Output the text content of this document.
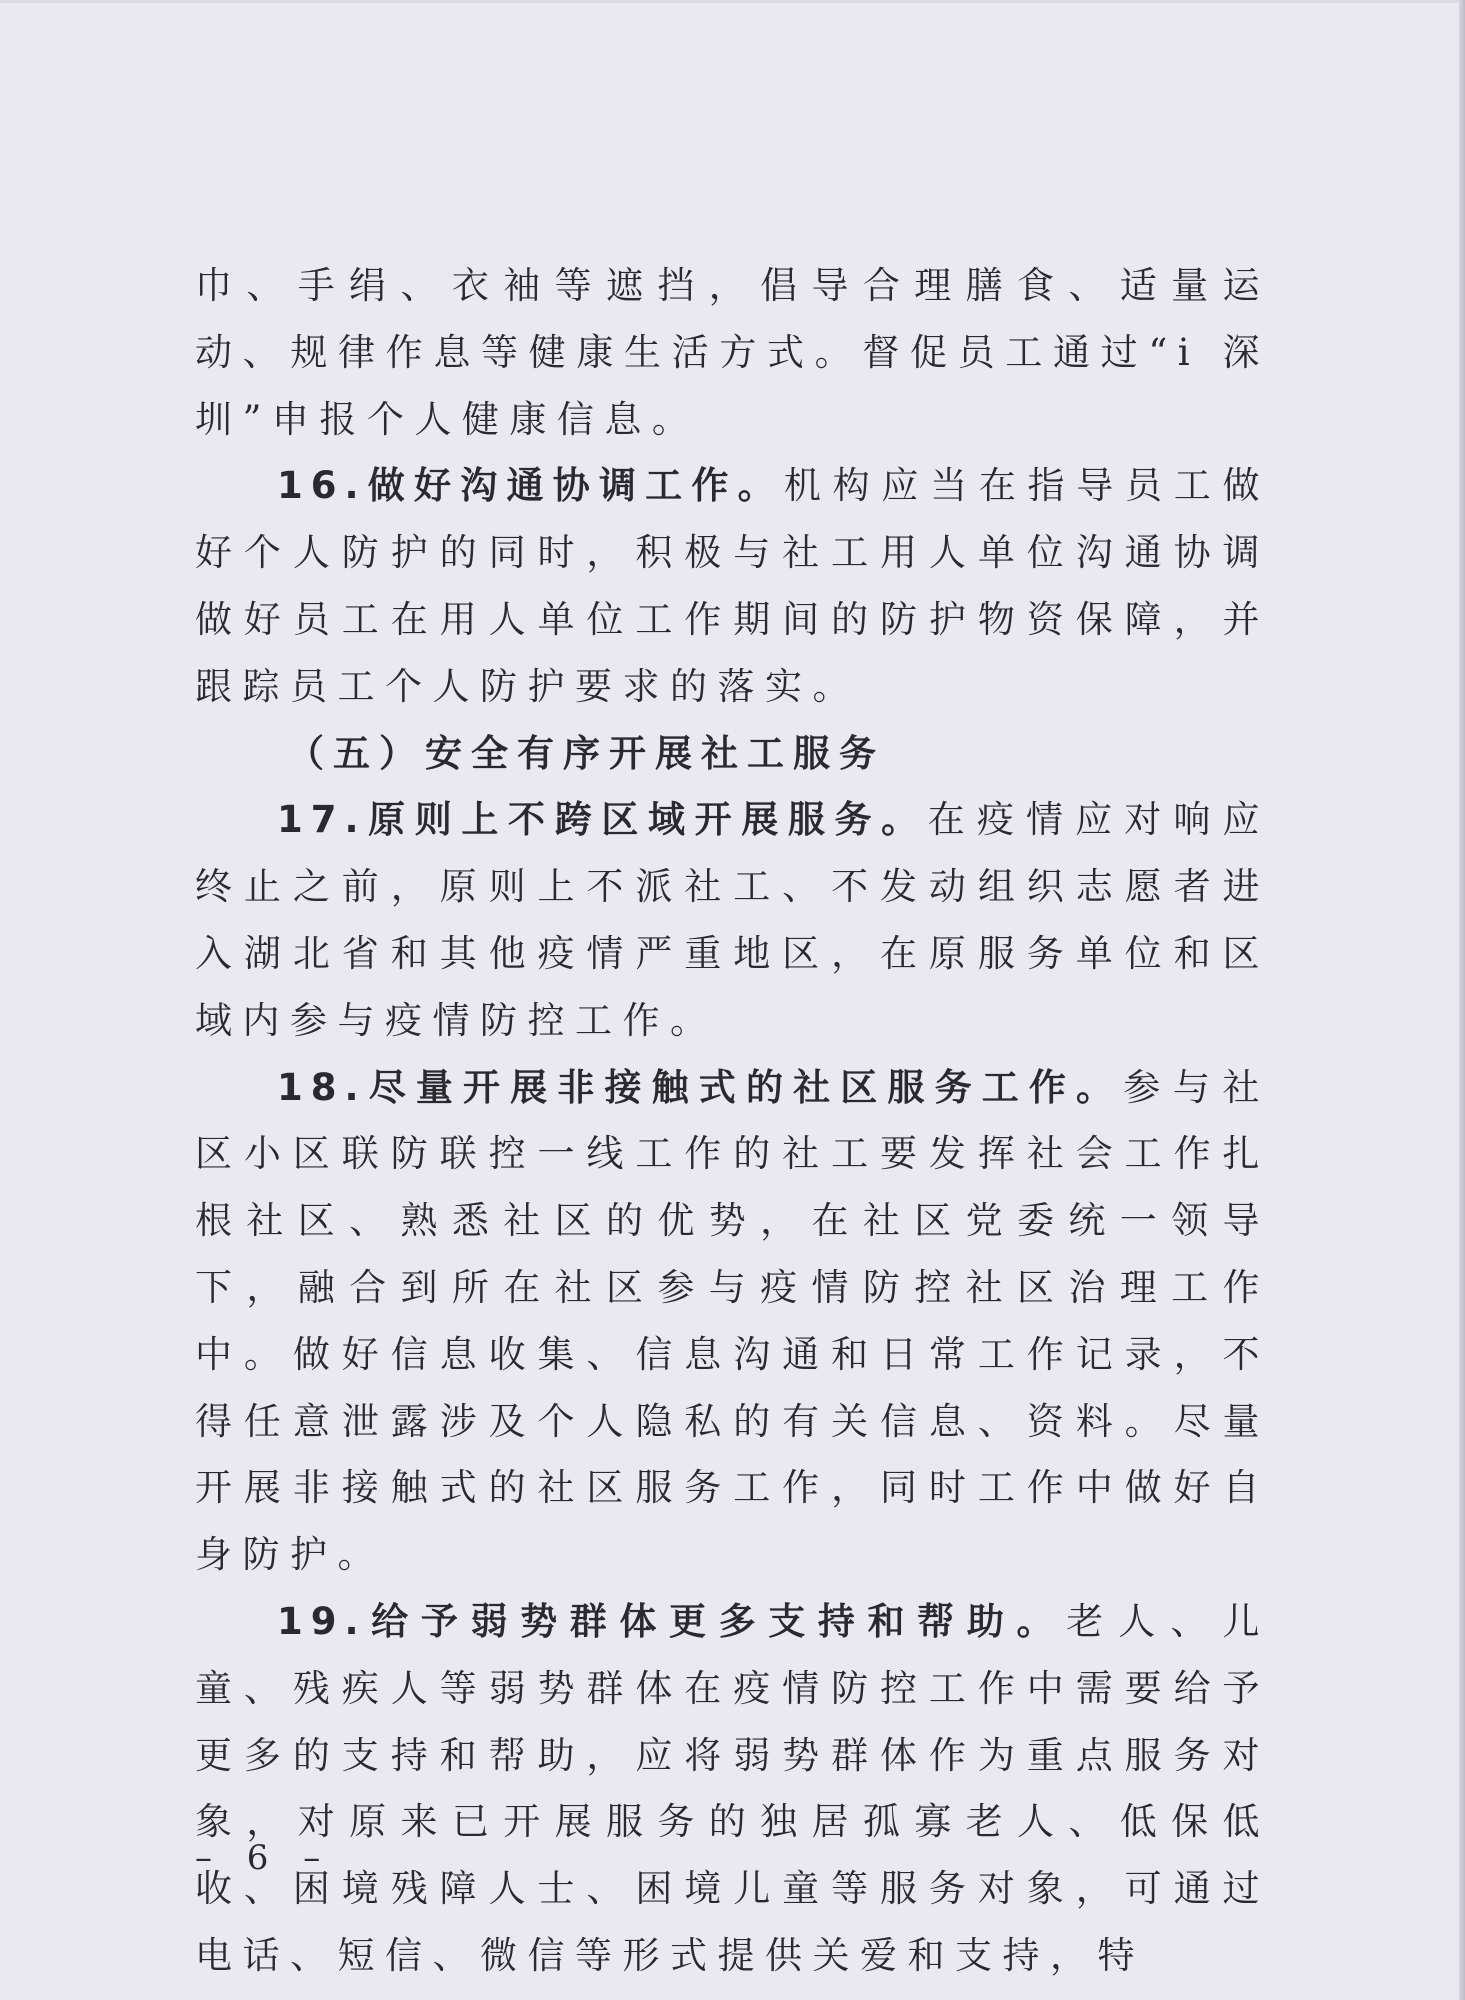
巾、手绢、衣袖等遮挡，倡导合理膳食、适量运动、规律作息等健康生活方式。督促员工通过“i 深圳”申报个人健康信息。

16.做好沟通协调工作。机构应当在指导员工做好个人防护的同时，积极与社工用人单位沟通协调做好员工在用人单位工作期间的防护物资保障，并跟踪员工个人防护要求的落实。

（五）安全有序开展社工服务

17.原则上不跨区域开展服务。在疫情应对响应终止之前，原则上不派社工、不发动组织志愿者进入湖北省和其他疫情严重地区，在原服务单位和区域内参与疫情防控工作。

18.尽量开展非接触式的社区服务工作。参与社区小区联防联控一线工作的社工要发挥社会工作扎根社区、熟悉社区的优势，在社区党委统一领导下，融合到所在社区参与疫情防控社区治理工作中。做好信息收集、信息沟通和日常工作记录，不得任意泄露涉及个人隐私的有关信息、资料。尽量开展非接触式的社区服务工作，同时工作中做好自身防护。

19.给予弱势群体更多支持和帮助。老人、儿童、残疾人等弱势群体在疫情防控工作中需要给予更多的支持和帮助，应将弱势群体作为重点服务对象，对原来已开展服务的独居孤寡老人、低保低收、困境残障人士、困境儿童等服务对象，可通过电话、短信、微信等形式提供关爱和支持，特

– 6 –
